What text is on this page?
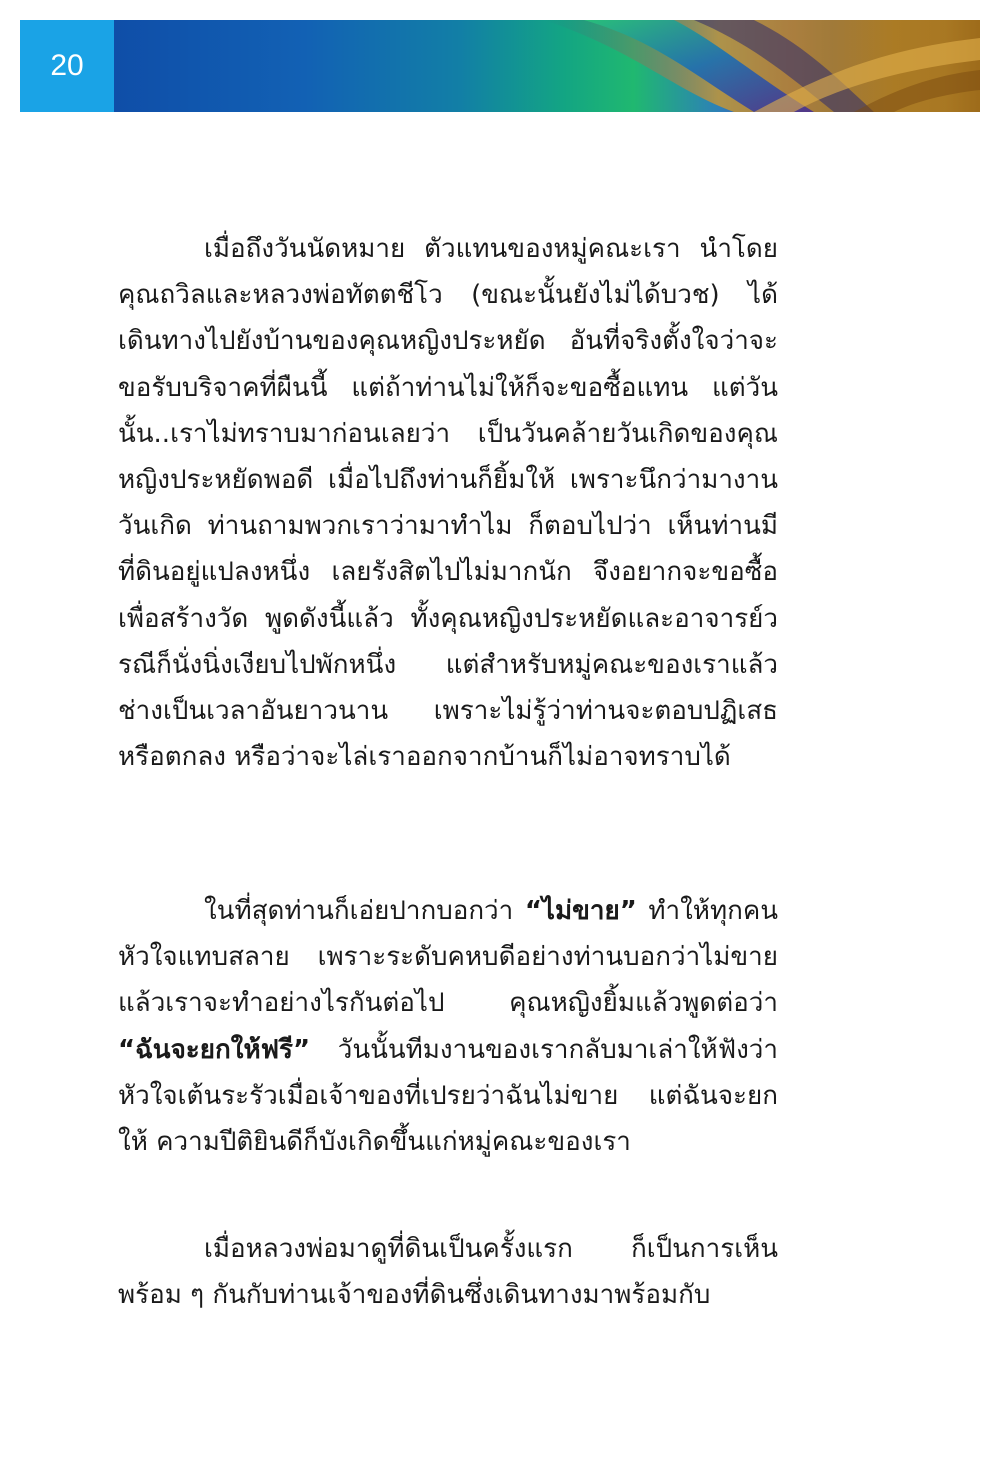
20

เมื่อถึงวันนัดหมาย ตัวแทนของหมู่คณะเรา นำโดยคุณถวิลและหลวงพ่อทัตตชีโว (ขณะนั้นยังไม่ได้บวช) ได้เดินทางไปยังบ้านของคุณหญิงประหยัด อันที่จริงตั้งใจว่าจะขอรับบริจาคที่ผืนนี้ แต่ถ้าท่านไม่ให้ก็จะขอซื้อแทน แต่วันนั้น..เราไม่ทราบมาก่อนเลยว่า เป็นวันคล้ายวันเกิดของคุณหญิงประหยัดพอดี เมื่อไปถึงท่านก็ยิ้มให้ เพราะนึกว่ามางานวันเกิด ท่านถามพวกเราว่ามาทำไม ก็ตอบไปว่า เห็นท่านมีที่ดินอยู่แปลงหนึ่ง เลยรังสิตไปไม่มากนัก จึงอยากจะขอซื้อเพื่อสร้างวัด พูดดังนี้แล้ว ทั้งคุณหญิงประหยัดและอาจารย์วรณีก็นั่งนิ่งเงียบไปพักหนึ่ง แต่สำหรับหมู่คณะของเราแล้วช่างเป็นเวลาอันยาวนาน เพราะไม่รู้ว่าท่านจะตอบปฏิเสธหรือตกลง หรือว่าจะไล่เราออกจากบ้านก็ไม่อาจทราบได้

ในที่สุดท่านก็เอ่ยปากบอกว่า “ไม่ขาย” ทำให้ทุกคนหัวใจแทบสลาย เพราะระดับคหบดีอย่างท่านบอกว่าไม่ขาย แล้วเราจะทำอย่างไรกันต่อไป คุณหญิงยิ้มแล้วพูดต่อว่า “ฉันจะยกให้ฟรี” วันนั้นทีมงานของเรากลับมาเล่าให้ฟังว่า หัวใจเต้นระรัวเมื่อเจ้าของที่เปรยว่าฉันไม่ขาย แต่ฉันจะยกให้ ความปีติยินดีก็บังเกิดขึ้นแก่หมู่คณะของเรา

เมื่อหลวงพ่อมาดูที่ดินเป็นครั้งแรก ก็เป็นการเห็นพร้อม ๆ กันกับท่านเจ้าของที่ดินซึ่งเดินทางมาพร้อมกับ
